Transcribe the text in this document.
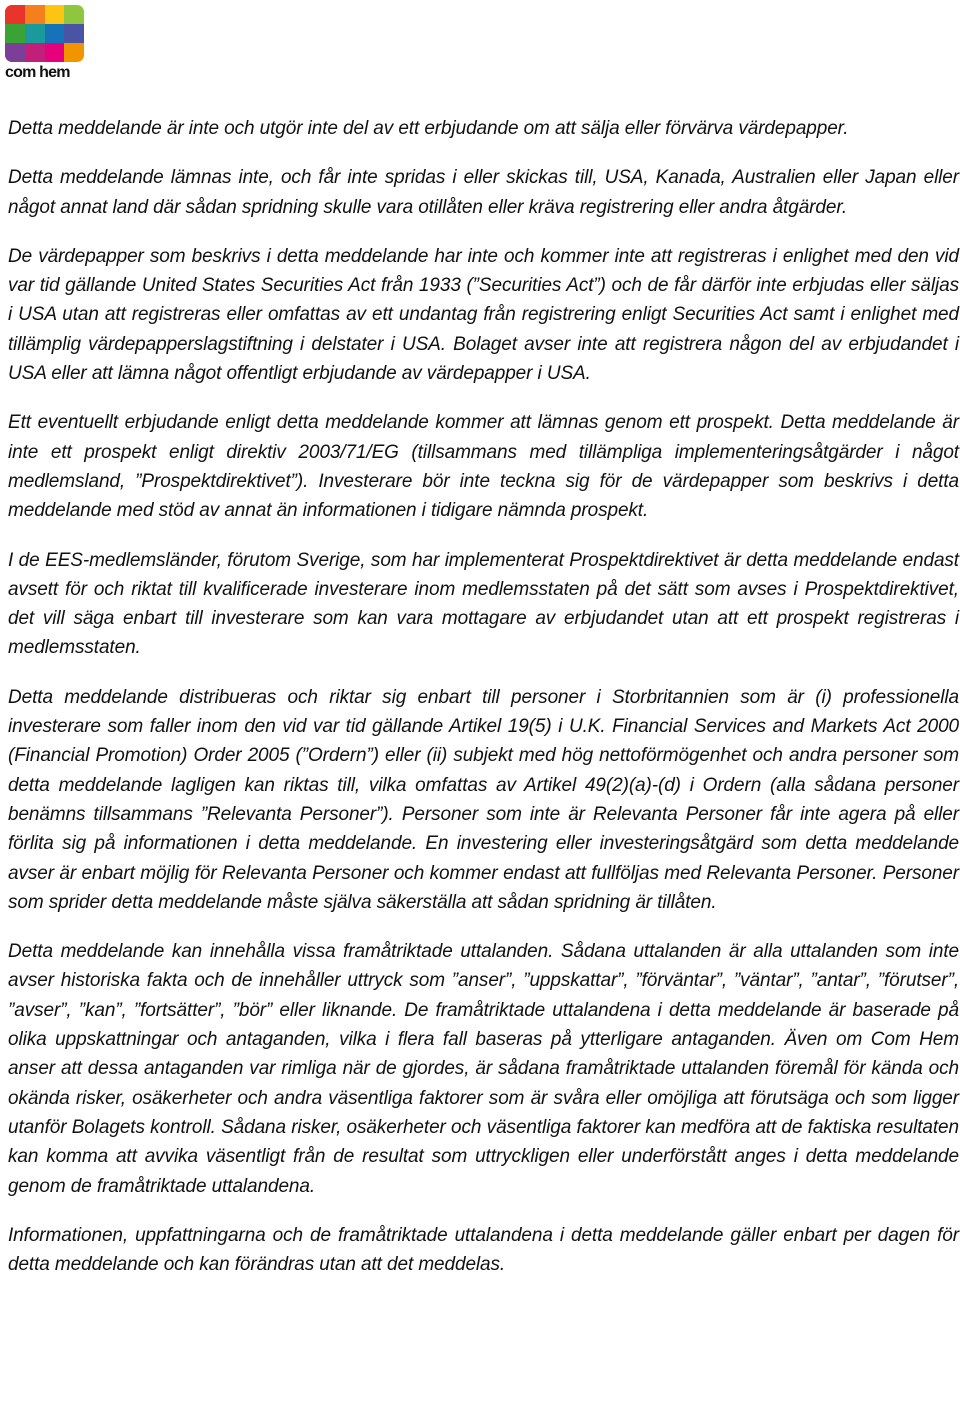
com hem

Detta meddelande är inte och utgör inte del av ett erbjudande om att sälja eller förvärva värdepapper.

Detta meddelande lämnas inte, och får inte spridas i eller skickas till, USA, Kanada, Australien eller Japan eller något annat land där sådan spridning skulle vara otillåten eller kräva registrering eller andra åtgärder.

De värdepapper som beskrivs i detta meddelande har inte och kommer inte att registreras i enlighet med den vid var tid gällande United States Securities Act från 1933 (”Securities Act”) och de får därför inte erbjudas eller säljas i USA utan att registreras eller omfattas av ett undantag från registrering enligt Securities Act samt i enlighet med tillämplig värdepapperslagstiftning i delstater i USA. Bolaget avser inte att registrera någon del av erbjudandet i USA eller att lämna något offentligt erbjudande av värdepapper i USA.

Ett eventuellt erbjudande enligt detta meddelande kommer att lämnas genom ett prospekt. Detta meddelande är inte ett prospekt enligt direktiv 2003/71/EG (tillsammans med tillämpliga implementeringsåtgärder i något medlemsland, ”Prospektdirektivet”). Investerare bör inte teckna sig för de värdepapper som beskrivs i detta meddelande med stöd av annat än informationen i tidigare nämnda prospekt.

I de EES-medlemsländer, förutom Sverige, som har implementerat Prospektdirektivet är detta meddelande endast avsett för och riktat till kvalificerade investerare inom medlemsstaten på det sätt som avses i Prospektdirektivet, det vill säga enbart till investerare som kan vara mottagare av erbjudandet utan att ett prospekt registreras i medlemsstaten.

Detta meddelande distribueras och riktar sig enbart till personer i Storbritannien som är (i) professionella investerare som faller inom den vid var tid gällande Artikel 19(5) i U.K. Financial Services and Markets Act 2000 (Financial Promotion) Order 2005 (”Ordern”) eller (ii) subjekt med hög nettoförmögenhet och andra personer som detta meddelande lagligen kan riktas till, vilka omfattas av Artikel 49(2)(a)-(d) i Ordern (alla sådana personer benämns tillsammans ”Relevanta Personer”). Personer som inte är Relevanta Personer får inte agera på eller förlita sig på informationen i detta meddelande. En investering eller investeringsåtgärd som detta meddelande avser är enbart möjlig för Relevanta Personer och kommer endast att fullföljas med Relevanta Personer. Personer som sprider detta meddelande måste själva säkerställa att sådan spridning är tillåten.

Detta meddelande kan innehålla vissa framåtriktade uttalanden. Sådana uttalanden är alla uttalanden som inte avser historiska fakta och de innehåller uttryck som ”anser”, ”uppskattar”, ”förväntar”, ”väntar”, ”antar”, ”förutser”, ”avser”, ”kan”, ”fortsätter”, ”bör” eller liknande. De framåtriktade uttalandena i detta meddelande är baserade på olika uppskattningar och antaganden, vilka i flera fall baseras på ytterligare antaganden. Även om Com Hem anser att dessa antaganden var rimliga när de gjordes, är sådana framåtriktade uttalanden föremål för kända och okända risker, osäkerheter och andra väsentliga faktorer som är svåra eller omöjliga att förutsäga och som ligger utanför Bolagets kontroll. Sådana risker, osäkerheter och väsentliga faktorer kan medföra att de faktiska resultaten kan komma att avvika väsentligt från de resultat som uttryckligen eller underförstått anges i detta meddelande genom de framåtriktade uttalandena.

Informationen, uppfattningarna och de framåtriktade uttalandena i detta meddelande gäller enbart per dagen för detta meddelande och kan förändras utan att det meddelas.
